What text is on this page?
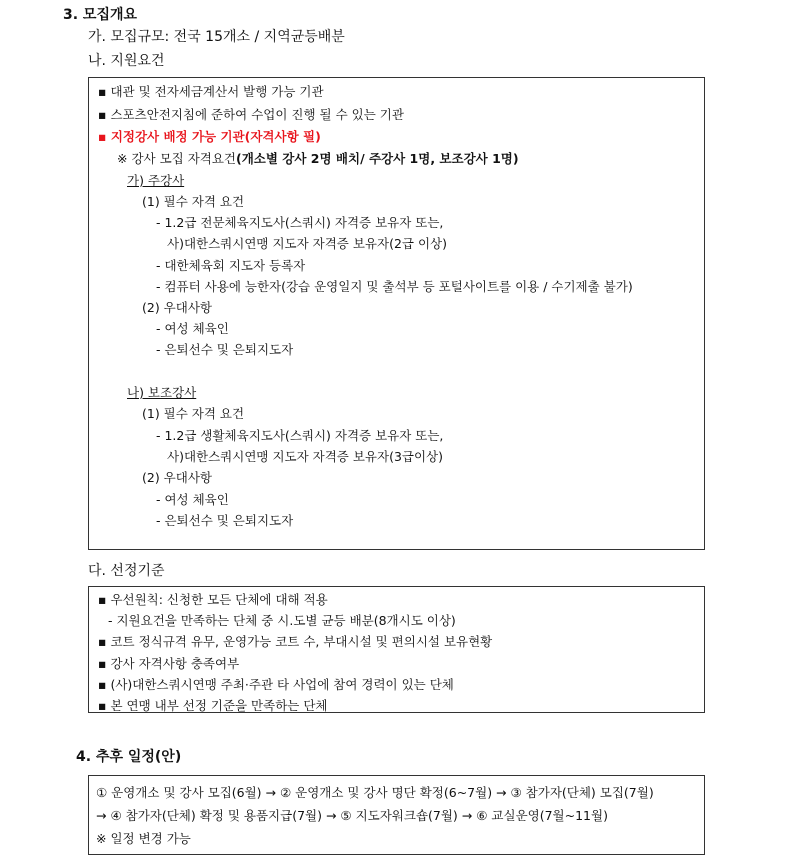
3. 모집개요
가. 모집규모: 전국 15개소 / 지역균등배분
나. 지원요건
▪ 대관 및 전자세금계산서 발행 가능 기관
▪ 스포츠안전지침에 준하여 수업이 진행 될 수 있는 기관
▪ 지정강사 배정 가능 기관(자격사항 필)
※ 강사 모집 자격요건(개소별 강사 2명 배치/ 주강사 1명, 보조강사 1명)
가) 주강사
(1) 필수 자격 요건
- 1.2급 전문체육지도사(스쿼시) 자격증 보유자 또는,
사)대한스쿼시연맹 지도자 자격증 보유자(2급 이상)
- 대한체육회 지도자 등록자
- 컴퓨터 사용에 능한자(강습 운영일지 및 출석부 등 포털사이트를 이용 / 수기제출 불가)
(2) 우대사항
- 여성 체육인
- 은퇴선수 및 은퇴지도자
나) 보조강사
(1) 필수 자격 요건
- 1.2급 생활체육지도사(스쿼시) 자격증 보유자 또는,
사)대한스쿼시연맹 지도자 자격증 보유자(3급이상)
(2) 우대사항
- 여성 체육인
- 은퇴선수 및 은퇴지도자
다. 선정기준
▪ 우선원칙: 신청한 모든 단체에 대해 적용
- 지원요건을 만족하는 단체 중 시.도별 균등 배분(8개시도 이상)
▪ 코트 정식규격 유무, 운영가능 코트 수, 부대시설 및 편의시설 보유현황
▪ 강사 자격사항 충족여부
▪ (사)대한스쿼시연맹 주최·주관 타 사업에 참여 경력이 있는 단체
▪ 본 연맹 내부 선정 기준을 만족하는 단체
4. 추후 일정(안)
① 운영개소 및 강사 모집(6월) → ② 운영개소 및 강사 명단 확정(6~7월) → ③ 참가자(단체) 모집(7월)
→ ④ 참가자(단체) 확정 및 용품지급(7월) → ⑤ 지도자워크숍(7월) → ⑥ 교실운영(7월~11월)
※ 일정 변경 가능
